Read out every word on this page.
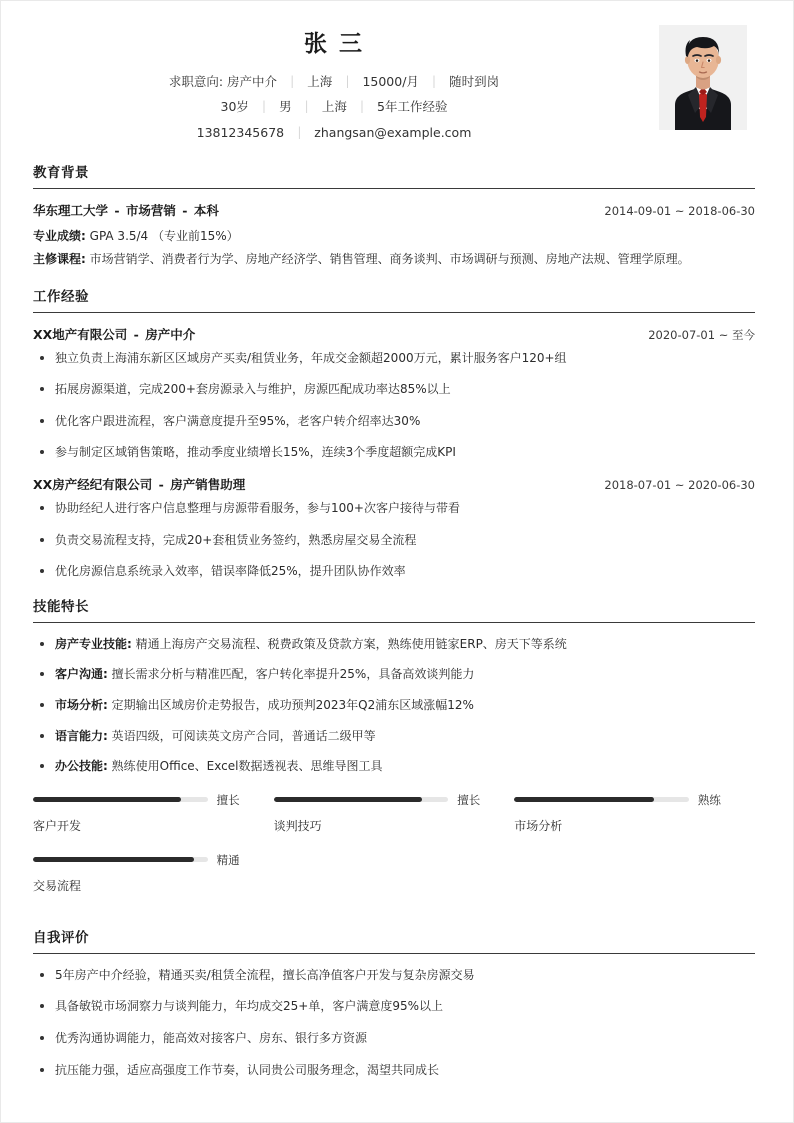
张 三
求职意向: 房产中介 | 上海 | 15000/月 | 随时到岗
30岁 | 男 | 上海 | 5年工作经验
13812345678 | zhangsan@example.com
教育背景
华东理工大学 - 市场营销 - 本科	2014-09-01 ~ 2018-06-30
专业成绩: GPA 3.5/4 （专业前15%）
主修课程: 市场营销学、消费者行为学、房地产经济学、销售管理、商务谈判、市场调研与预测、房地产法规、管理学原理。
工作经验
XX地产有限公司 - 房产中介	2020-07-01 ~ 至今
独立负责上海浦东新区区域房产买卖/租赁业务，年成交金额超2000万元，累计服务客户120+组
拓展房源渠道，完成200+套房源录入与维护，房源匹配成功率达85%以上
优化客户跟进流程，客户满意度提升至95%，老客户转介绍率达30%
参与制定区域销售策略，推动季度业绩增长15%，连续3个季度超额完成KPI
XX房产经纪有限公司 - 房产销售助理	2018-07-01 ~ 2020-06-30
协助经纪人进行客户信息整理与房源带看服务，参与100+次客户接待与带看
负责交易流程支持，完成20+套租赁业务签约，熟悉房屋交易全流程
优化房源信息系统录入效率，错误率降低25%，提升团队协作效率
技能特长
房产专业技能: 精通上海房产交易流程、税费政策及贷款方案，熟练使用链家ERP、房天下等系统
客户沟通: 擅长需求分析与精准匹配，客户转化率提升25%，具备高效谈判能力
市场分析: 定期输出区域房价走势报告，成功预判2023年Q2浦东区域涨幅12%
语言能力: 英语四级，可阅读英文房产合同，普通话二级甲等
办公技能: 熟练使用Office、Excel数据透视表、思维导图工具
擅长
客户开发
擅长
谈判技巧
熟练
市场分析
精通
交易流程
自我评价
5年房产中介经验，精通买卖/租赁全流程，擅长高净值客户开发与复杂房源交易
具备敏锐市场洞察力与谈判能力，年均成交25+单，客户满意度95%以上
优秀沟通协调能力，能高效对接客户、房东、银行多方资源
抗压能力强，适应高强度工作节奏，认同贵公司服务理念，渴望共同成长
